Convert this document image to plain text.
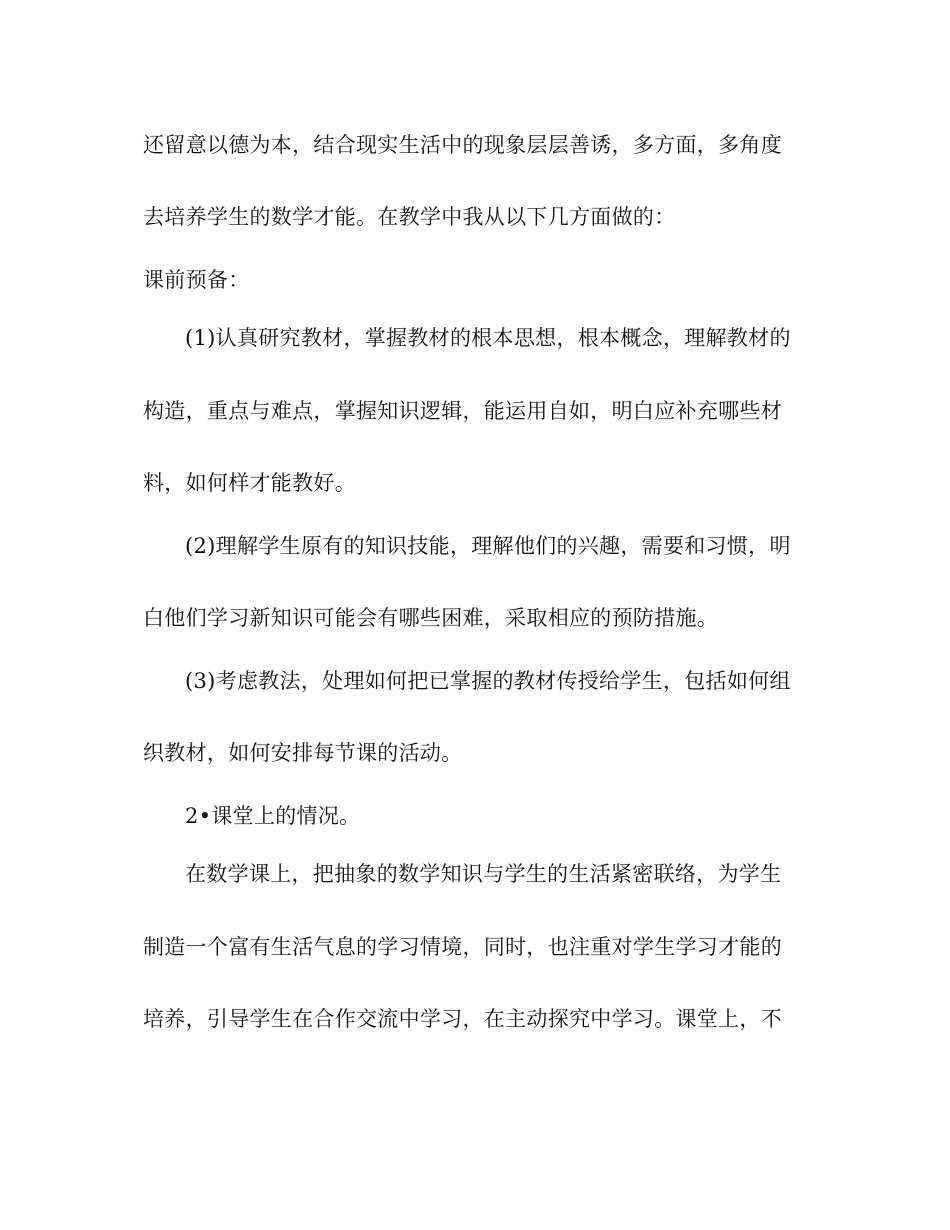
还留意以德为本，结合现实生活中的现象层层善诱，多方面，多角度
去培养学生的数学才能。在教学中我从以下几方面做的：
课前预备：
(1)认真研究教材，掌握教材的根本思想，根本概念，理解教材的
构造，重点与难点，掌握知识逻辑，能运用自如，明白应补充哪些材
料，如何样才能教好。
(2)理解学生原有的知识技能，理解他们的兴趣，需要和习惯，明
白他们学习新知识可能会有哪些困难，采取相应的预防措施。
(3)考虑教法，处理如何把已掌握的教材传授给学生，包括如何组
织教材，如何安排每节课的活动。
2•课堂上的情况。
在数学课上，把抽象的数学知识与学生的生活紧密联络，为学生
制造一个富有生活气息的学习情境，同时，也注重对学生学习才能的
培养，引导学生在合作交流中学习，在主动探究中学习。课堂上，不
